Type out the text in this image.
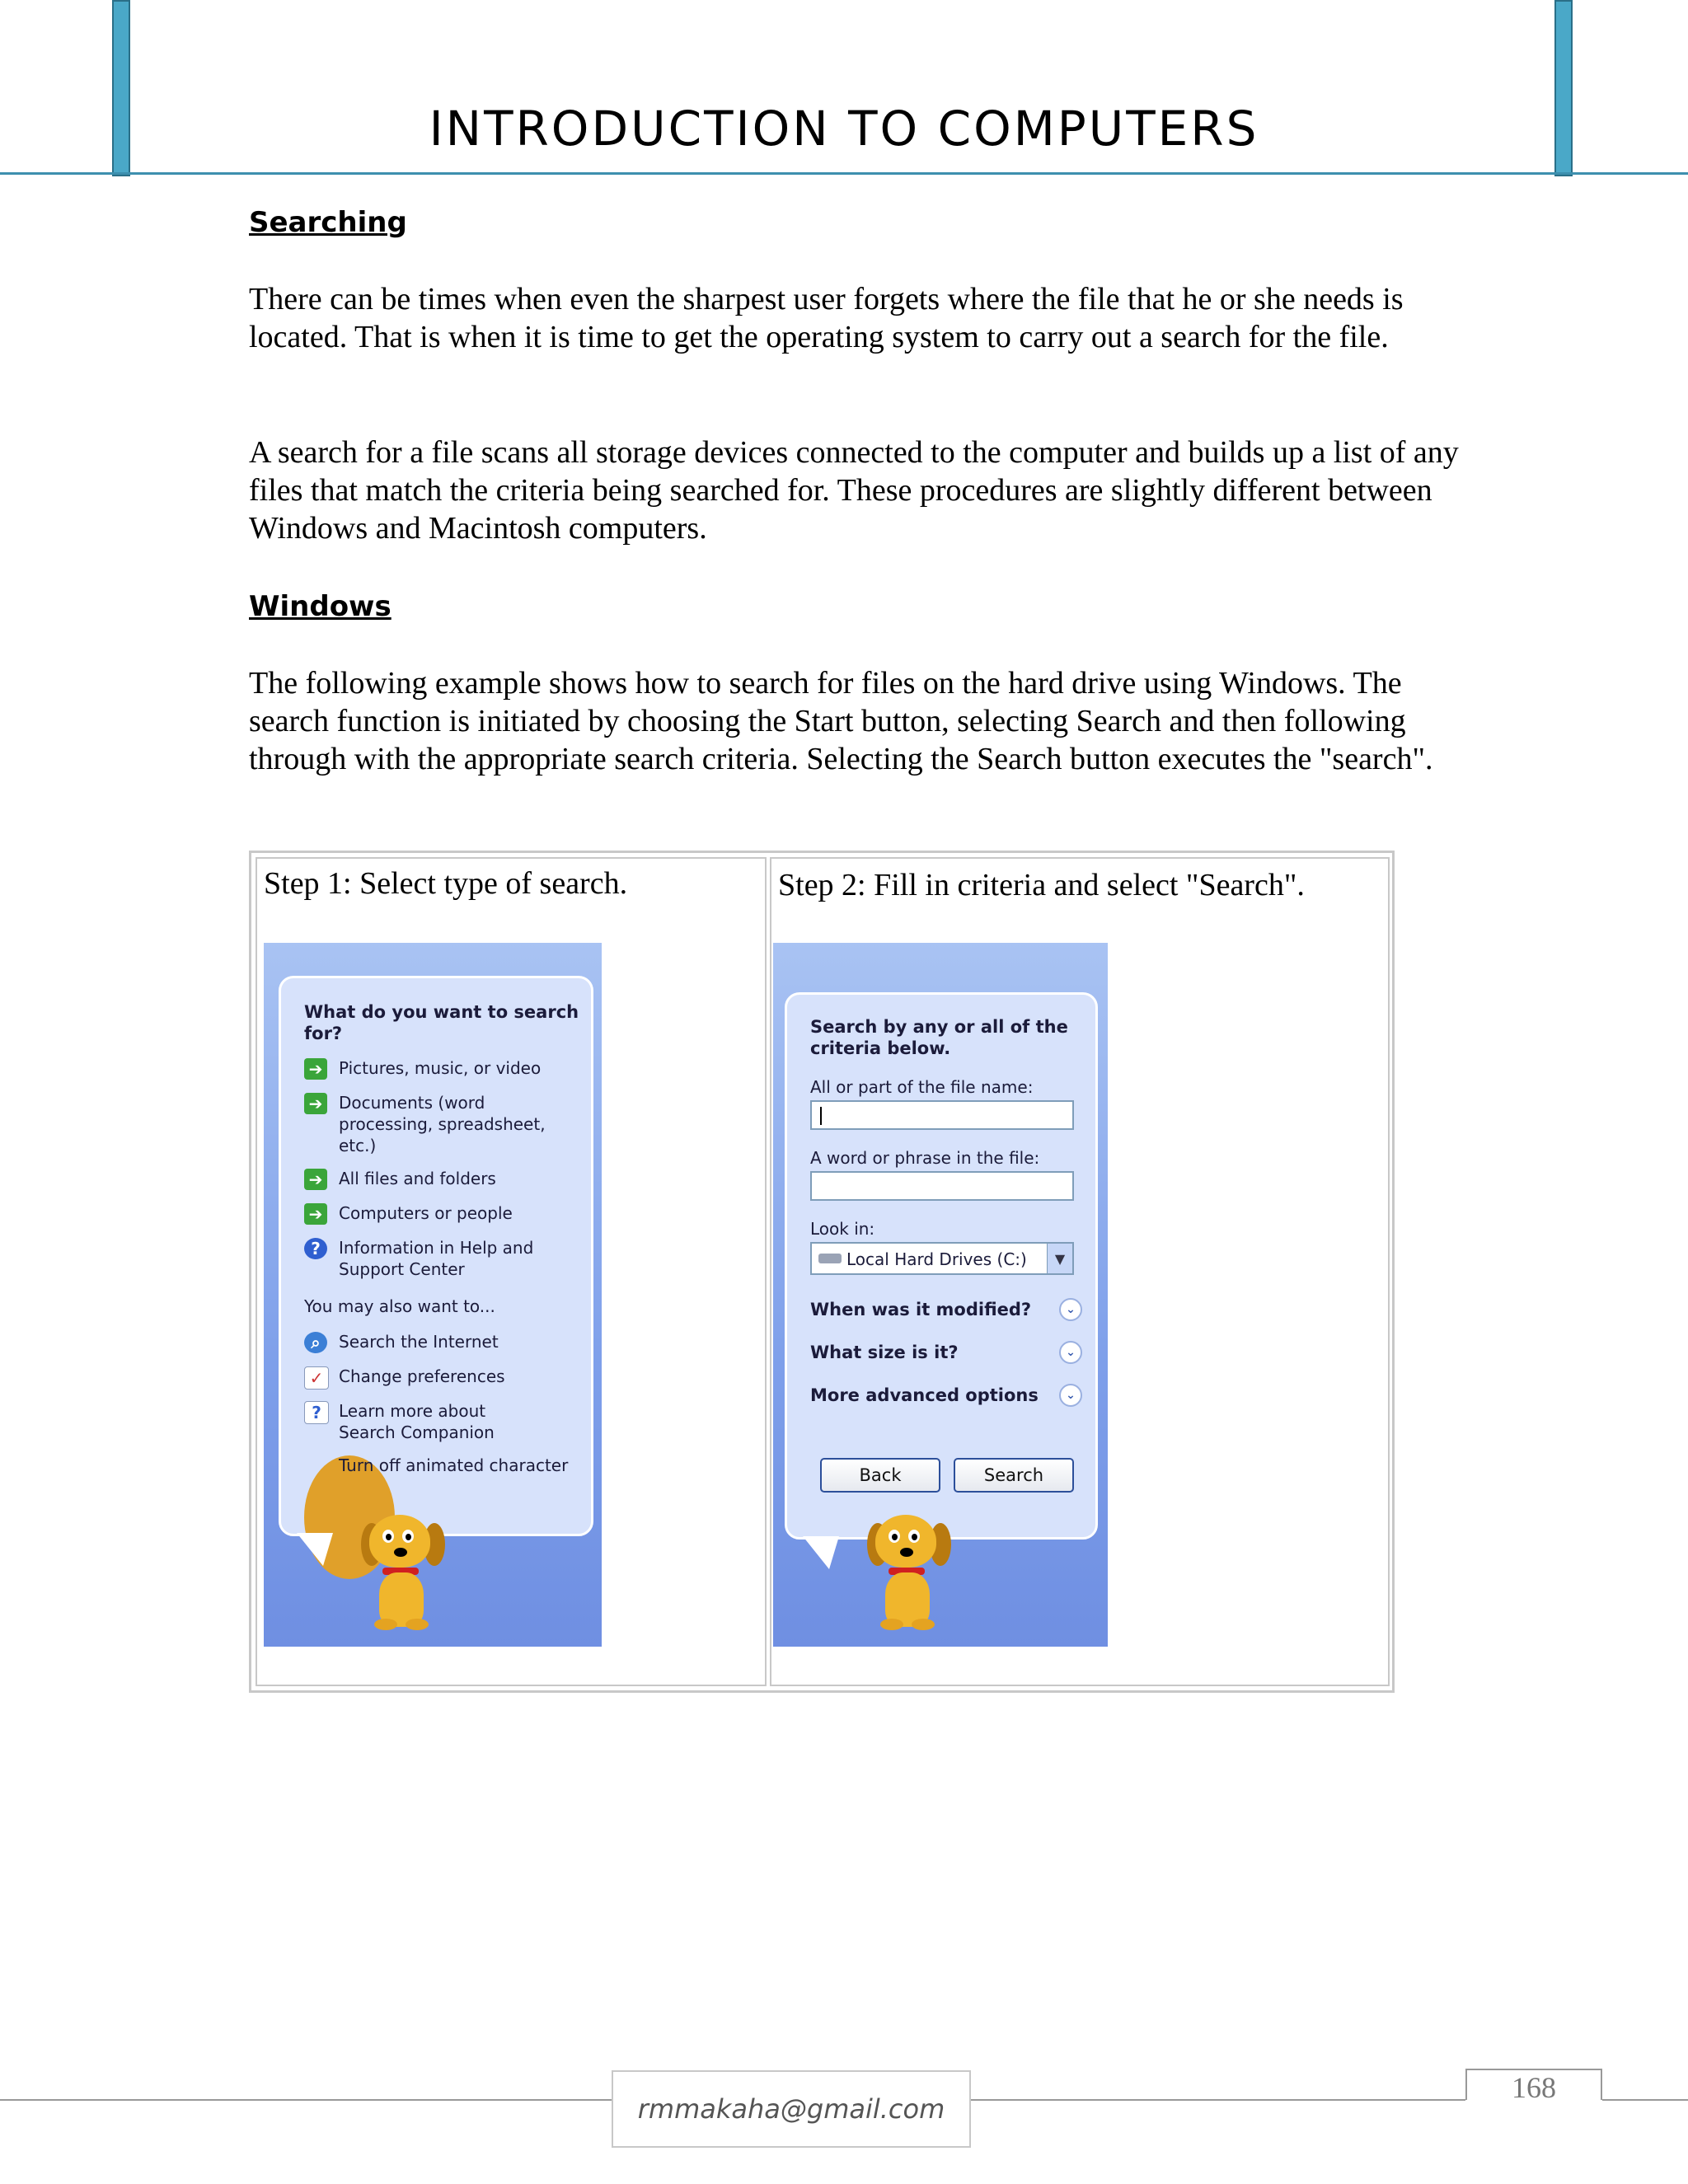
INTRODUCTION TO COMPUTERS
Searching
There can be times when even the sharpest user forgets where the file that he or she needs is located. That is when it is time to get the operating system to carry out a search for the file.
A search for a file scans all storage devices connected to the computer and builds up a list of any files that match the criteria being searched for. These procedures are slightly different between Windows and Macintosh computers.
Windows
The following example shows how to search for files on the hard drive using Windows. The search function is initiated by choosing the Start button, selecting Search and then following through with the appropriate search criteria. Selecting the Search button executes the "search".
Step 1: Select type of search.
What do you want to search for?
➔ Pictures, music, or video
➔ Documents (word processing, spreadsheet, etc.)
➔ All files and folders
➔ Computers or people
?	Information in Help and Support Center
You may also want to...
⌕	Search the Internet
✓ Change preferences
?	Learn more about Search Companion
Turn off animated character
Step 2: Fill in criteria and select "Search".
Search by any or all of the criteria below.
All or part of the file name:
A word or phrase in the file:
Look in:
Local Hard Drives (C:)	▼
When was it modified?	⌄
What size is it?	⌄
More advanced options	⌄
Back	Search
rmmakaha@gmail.com
168
